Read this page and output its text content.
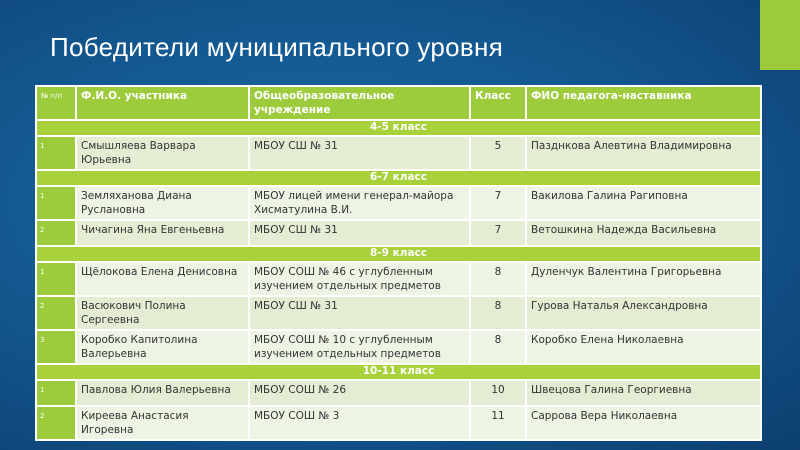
Победители муниципального уровня
№ п/п	Ф.И.О. участника	Общеобразовательное учреждение	Класс	ФИО педагога-наставника
4-5 класс				
1	Смышляева Варвара Юрьевна	МБОУ СШ № 31	5	Пазднкова Алевтина Владимировна
6-7 класс				
1	Земляханова Диана Руслановна	МБОУ лицей имени генерал-майора Хисматулина В.И.	7	Вакилова Галина Рагиповна
2	Чичагина Яна Евгеньевна	МБОУ СШ № 31	7	Ветошкина Надежда Васильевна
8-9 класс				
1	Щёлокова Елена Денисовна	МБОУ СОШ № 46 с углубленным изучением отдельных предметов	8	Дуленчук Валентина Григорьевна
2	Васюкович Полина Сергеевна	МБОУ СШ № 31	8	Гурова Наталья Александровна
3	Коробко Капитолина Валерьевна	МБОУ СОШ № 10 с углубленным изучением отдельных предметов	8	Коробко Елена Николаевна
10-11 класс				
1	Павлова Юлия Валерьевна	МБОУ СОШ № 26	10	Швецова Галина Георгиевна
2	Киреева Анастасия Игоревна	МБОУ СОШ № 3	11	Саррова Вера Николаевна
